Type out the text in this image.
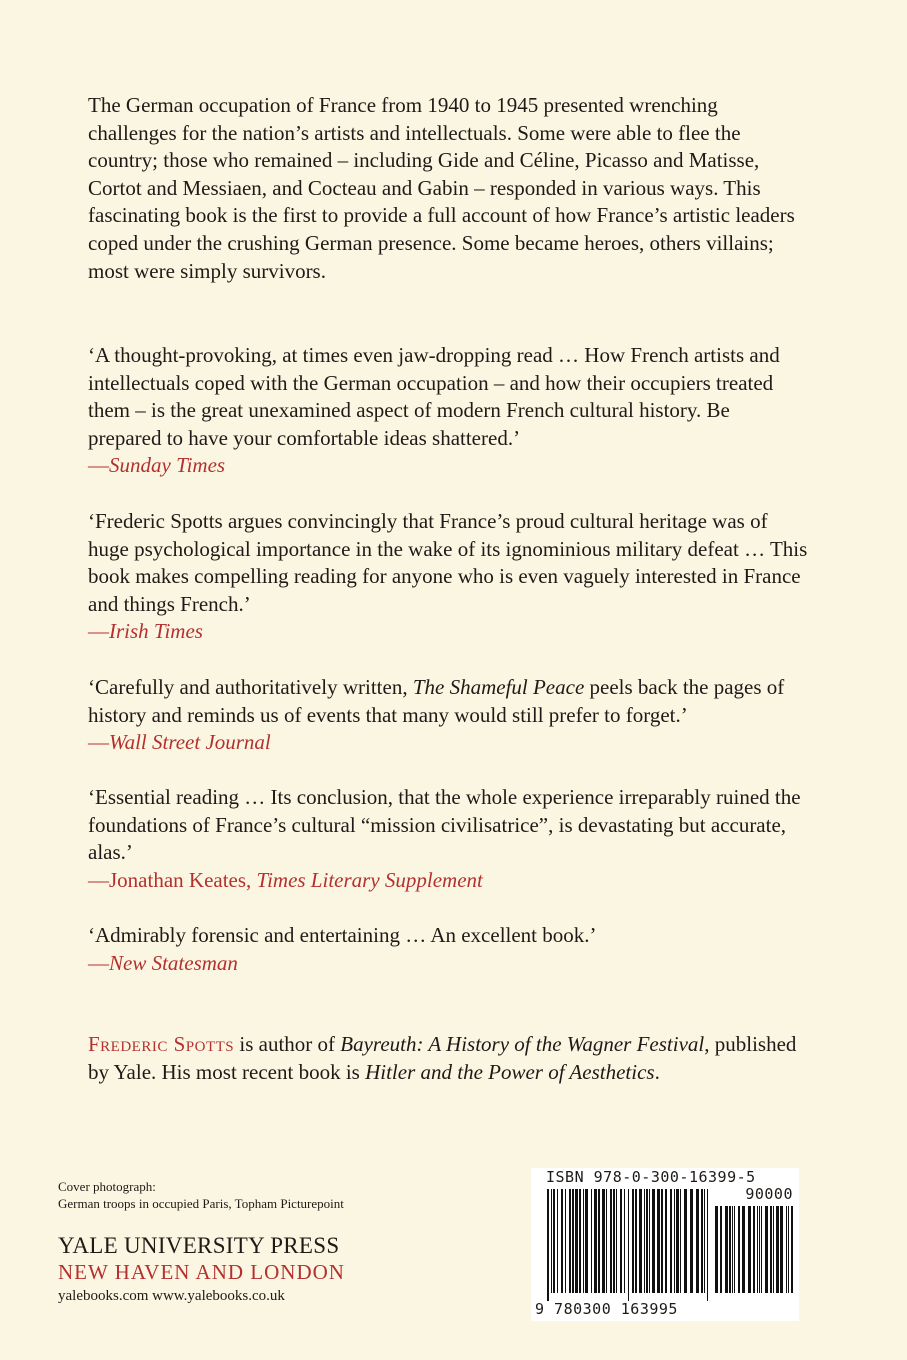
The German occupation of France from 1940 to 1945 presented wrenching challenges for the nation’s artists and intellectuals. Some were able to flee the country; those who remained – including Gide and Céline, Picasso and Matisse, Cortot and Messiaen, and Cocteau and Gabin – responded in various ways. This fascinating book is the first to provide a full account of how France’s artistic leaders coped under the crushing German presence. Some became heroes, others villains; most were simply survivors.

‘A thought-provoking, at times even jaw-dropping read … How French artists and intellectuals coped with the German occupation – and how their occupiers treated them – is the great unexamined aspect of modern French cultural history. Be prepared to have your comfortable ideas shattered.’
—Sunday Times
‘Frederic Spotts argues convincingly that France’s proud cultural heritage was of huge psychological importance in the wake of its ignominious military defeat … This book makes compelling reading for anyone who is even vaguely interested in France and things French.’
—Irish Times
‘Carefully and authoritatively written, The Shameful Peace peels back the pages of history and reminds us of events that many would still prefer to forget.’
—Wall Street Journal
‘Essential reading … Its conclusion, that the whole experience irreparably ruined the foundations of France’s cultural “mission civilisatrice”, is devastating but accurate, alas.’
—Jonathan Keates, Times Literary Supplement
‘Admirably forensic and entertaining … An excellent book.’
—New Statesman

Frederic Spotts is author of Bayreuth: A History of the Wagner Festival, published by Yale. His most recent book is Hitler and the Power of Aesthetics.

Cover photograph:
German troops in occupied Paris, Topham Picturepoint
YALE UNIVERSITY PRESS
NEW HAVEN AND LONDON
yalebooks.com www.yalebooks.co.uk
ISBN 978-0-300-16399-5
90000
9 780300 163995
